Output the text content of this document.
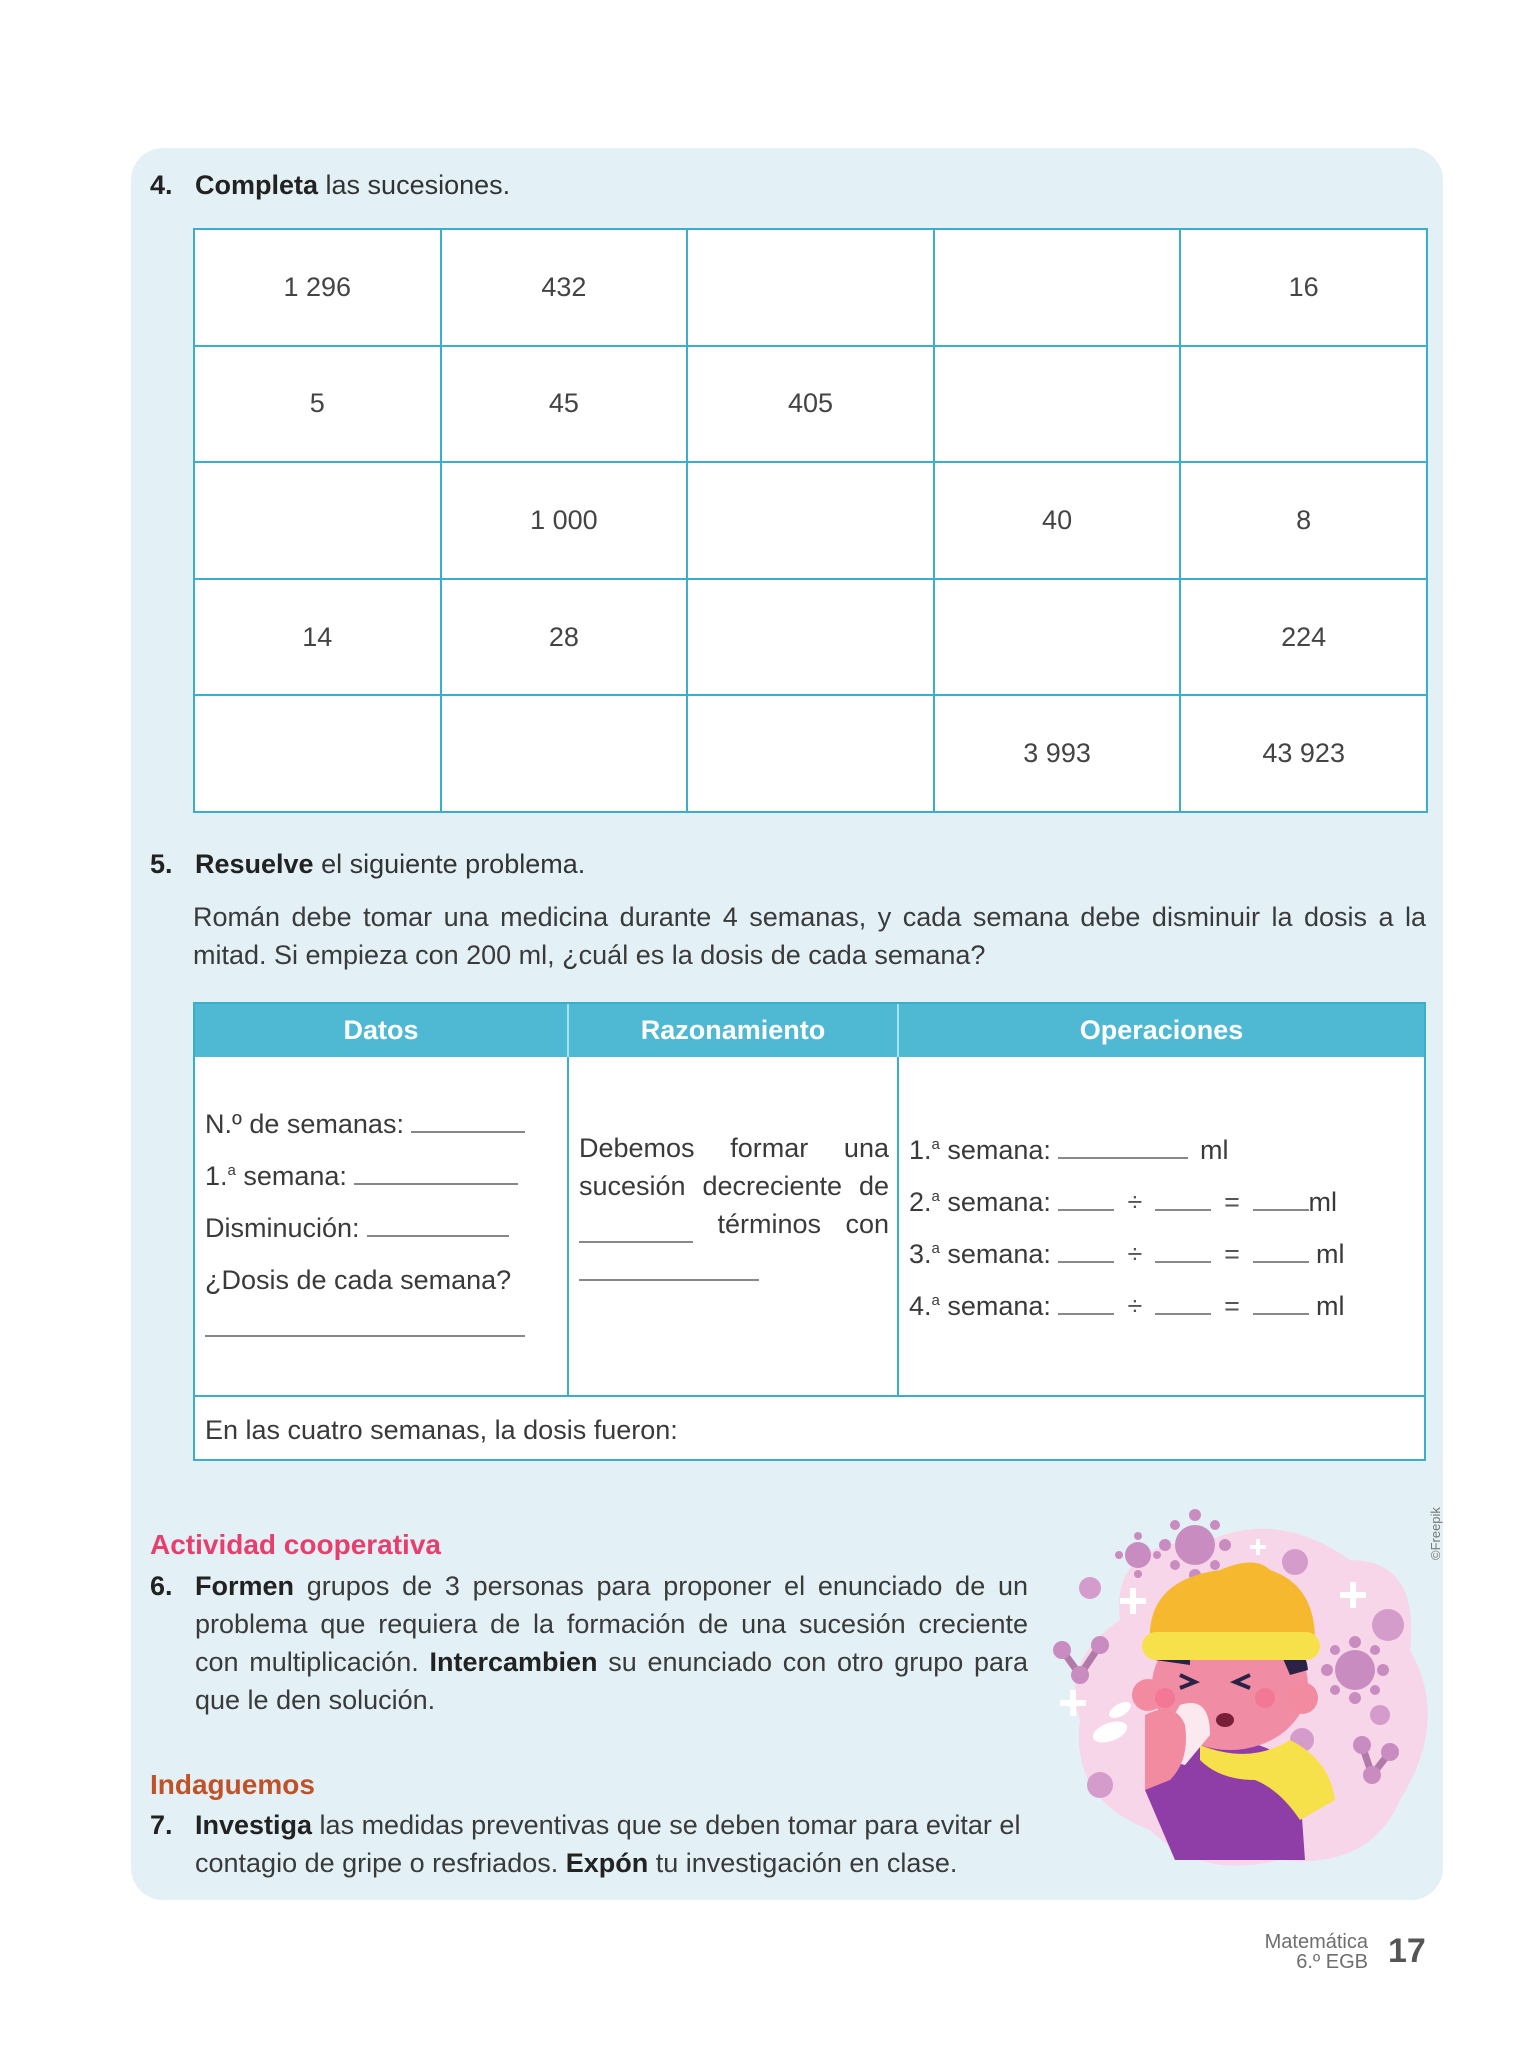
4. Completa las sucesiones.
1 296	432			16
5	45	405		
	1 000		40	8
14	28			224
			3 993	43 923
5. Resuelve el siguiente problema.

Román debe tomar una medicina durante 4 semanas, y cada semana debe disminuir la dosis a la mitad. Si empieza con 200 ml, ¿cuál es la dosis de cada semana?

Datos	Razonamiento	Operaciones
N.º de semanas:
1.$^a$ semana:
Disminución:
¿Dosis de cada semana?
Debemos formar una
sucesión decreciente de
términos con
1.$^a$ semana:	ml
2.$^a$ semana:	÷	=	ml
3.$^a$ semana:	÷	=	ml
4.$^a$ semana:	÷	=	ml
En las cuatro semanas, la dosis fueron:
Actividad cooperativa
6. Formen grupos de 3 personas para proponer el enunciado de un problema que requiera de la formación de una sucesión creciente con multiplicación. Intercambien su enunciado con otro grupo para que le den solución.
Indaguemos
7. Investiga las medidas preventivas que se deben tomar para evitar el contagio de gripe o resfriados. Expón tu investigación en clase.
©Freepik
Matemática
6.º EGB 17
